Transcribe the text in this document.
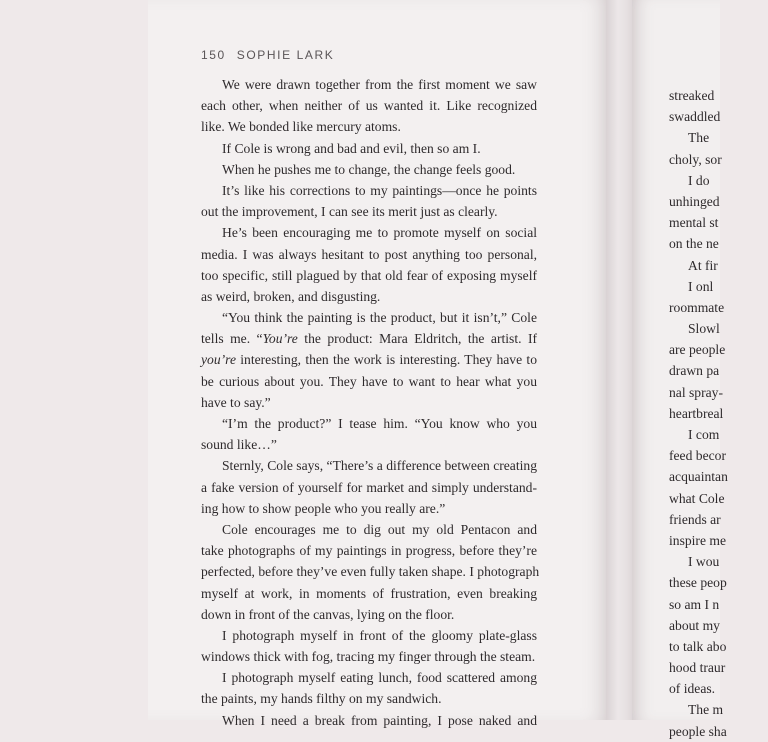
150 SOPHIE LARK
We were drawn together from the first moment we saw
each other, when neither of us wanted it. Like recognized
like. We bonded like mercury atoms.
If Cole is wrong and bad and evil, then so am I.
When he pushes me to change, the change feels good.
It’s like his corrections to my paintings—once he points
out the improvement, I can see its merit just as clearly.
He’s been encouraging me to promote myself on social
media. I was always hesitant to post anything too personal,
too specific, still plagued by that old fear of exposing myself
as weird, broken, and disgusting.
“You think the painting is the product, but it isn’t,” Cole
tells me. “You’re the product: Mara Eldritch, the artist. If
you’re interesting, then the work is interesting. They have to
be curious about you. They have to want to hear what you
have to say.”
“I’m the product?” I tease him. “You know who you
sound like…”
Sternly, Cole says, “There’s a difference between creating
a fake version of yourself for market and simply understand-
ing how to show people who you really are.”
Cole encourages me to dig out my old Pentacon and
take photographs of my paintings in progress, before they’re
perfected, before they’ve even fully taken shape. I photograph
myself at work, in moments of frustration, even breaking
down in front of the canvas, lying on the floor.
I photograph myself in front of the gloomy plate-glass
windows thick with fog, tracing my finger through the steam.
I photograph myself eating lunch, food scattered among
the paints, my hands filthy on my sandwich.
When I need a break from painting, I pose naked and
streaked
swaddled
The
choly, sor
I do
unhinged
mental st
on the ne
At fir
I onl
roommate
Slowl
are people
drawn pa
nal spray-
heartbreal
I com
feed becor
acquaintan
what Cole
friends ar
inspire me
I wou
these peop
so am I n
about my
to talk abo
hood traur
of ideas.
The m
people sha
